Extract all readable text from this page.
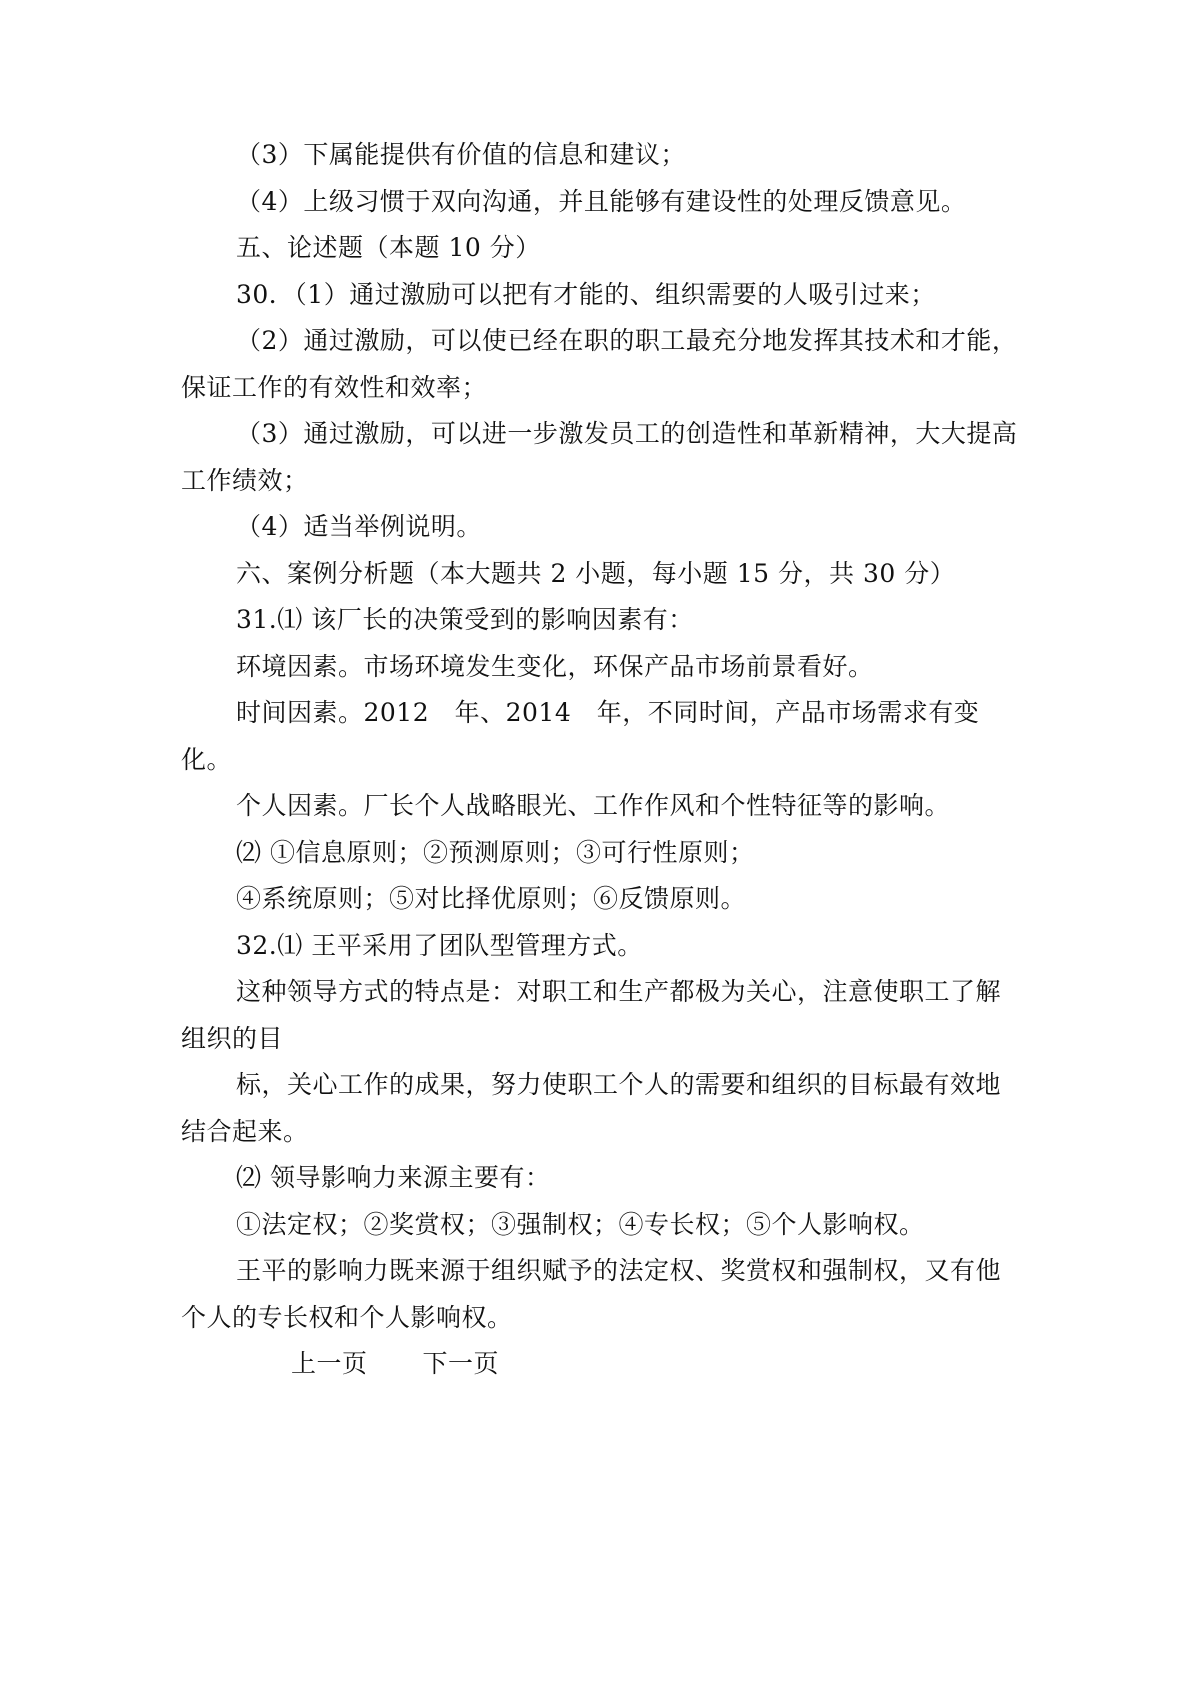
（3）下属能提供有价值的信息和建议；

（4）上级习惯于双向沟通，并且能够有建设性的处理反馈意见。

五、论述题（本题 10 分）

30．（1）通过激励可以把有才能的、组织需要的人吸引过来；

（2）通过激励，可以使已经在职的职工最充分地发挥其技术和才能，保证工作的有效性和效率；

（3）通过激励，可以进一步激发员工的创造性和革新精神，大大提高工作绩效；

（4）适当举例说明。

六、案例分析题（本大题共 2 小题，每小题 15 分，共 30 分）

31.⑴ 该厂长的决策受到的影响因素有：

环境因素。市场环境发生变化，环保产品市场前景看好。

时间因素。2012　年、2014　年，不同时间，产品市场需求有变化。

个人因素。厂长个人战略眼光、工作作风和个性特征等的影响。

⑵ ①信息原则；②预测原则；③可行性原则；

④系统原则；⑤对比择优原则；⑥反馈原则。

32.⑴ 王平采用了团队型管理方式。

这种领导方式的特点是：对职工和生产都极为关心，注意使职工了解组织的目

标，关心工作的成果，努力使职工个人的需要和组织的目标最有效地结合起来。

⑵ 领导影响力来源主要有：

①法定权；②奖赏权；③强制权；④专长权；⑤个人影响权。

王平的影响力既来源于组织赋予的法定权、奖赏权和强制权，又有他个人的专长权和个人影响权。

上一页 下一页
